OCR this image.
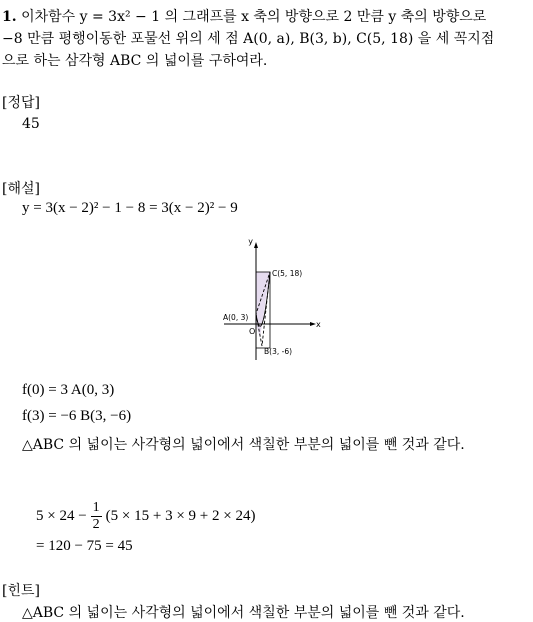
1. 이차함수 y = 3x² − 1 의 그래프를 x 축의 방향으로 2 만큼 y 축의 방향으로
−8 만큼 평행이동한 포물선 위의 세 점 A(0, a), B(3, b), C(5, 18) 을 세 꼭지점
으로 하는 삼각형 ABC 의 넓이를 구하여라.
[정답]
45
[해설]
y = 3(x − 2)² − 1 − 8 = 3(x − 2)² − 9
y
x
O
C(5, 18)
A(0, 3)
B(3, -6)
f(0) = 3 A(0, 3)
f(3) = −6 B(3, −6)
△ABC 의 넓이는 사각형의 넓이에서 색칠한 부분의 넓이를 뺀 것과 같다.
$5 \times 24 - \frac{1}{2} (5 \times 15 + 3 \times 9 + 2 \times 24)$
= 120 − 75 = 45
[힌트]
△ABC 의 넓이는 사각형의 넓이에서 색칠한 부분의 넓이를 뺀 것과 같다.
